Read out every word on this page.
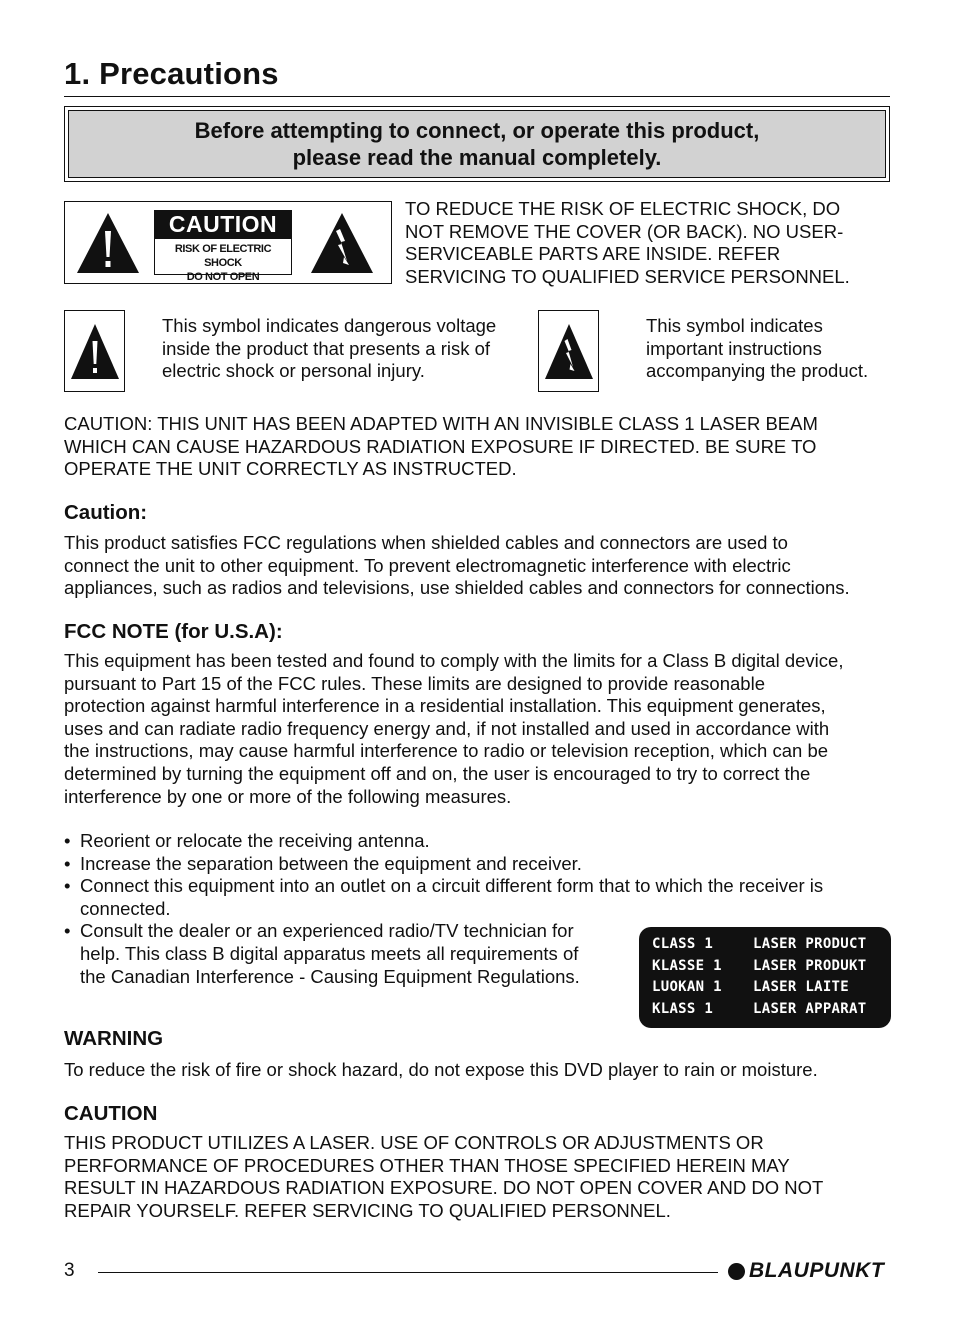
1. Precautions
Before attempting to connect, or operate this product,
please read the manual completely.
CAUTION
RISK OF ELECTRIC SHOCK
DO NOT OPEN
TO REDUCE THE RISK OF ELECTRIC SHOCK, DO
NOT REMOVE THE COVER (OR BACK). NO USER-
SERVICEABLE PARTS ARE INSIDE. REFER
SERVICING TO QUALIFIED SERVICE PERSONNEL.
This symbol indicates dangerous voltage
inside the product that presents a risk of
electric shock or personal injury.
This symbol indicates
important instructions
accompanying the product.
CAUTION: THIS UNIT HAS BEEN ADAPTED WITH AN INVISIBLE CLASS 1 LASER BEAM
WHICH CAN CAUSE HAZARDOUS RADIATION EXPOSURE IF DIRECTED. BE SURE TO
OPERATE THE UNIT CORRECTLY AS INSTRUCTED.
Caution:
This product satisfies FCC regulations when shielded cables and connectors are used to
connect the unit to other equipment. To prevent electromagnetic interference with electric
appliances, such as radios and televisions, use shielded cables and connectors for connections.
FCC NOTE (for U.S.A):
This equipment has been tested and found to comply with the limits for a Class B digital device,
pursuant to Part 15 of the FCC rules. These limits are designed to provide reasonable
protection against harmful interference in a residential installation. This equipment generates,
uses and can radiate radio frequency energy and, if not installed and used in accordance with
the instructions, may cause harmful interference to radio or television reception, which can be
determined by turning the equipment off and on, the user is encouraged to try to correct the
interference by one or more of the following measures.
• Reorient or relocate the receiving antenna.
• Increase the separation between the equipment and receiver.
• Connect this equipment into an outlet on a circuit different form that to which the receiver is
connected.
• Consult the dealer or an experienced radio/TV technician for
help. This class B digital apparatus meets all requirements of
the Canadian Interference - Causing Equipment Regulations.
CLASS 1	LASER PRODUCT
KLASSE 1	LASER PRODUKT
LUOKAN 1	LASER LAITE
KLASS 1	LASER APPARAT
WARNING
To reduce the risk of fire or shock hazard, do not expose this DVD player to rain or moisture.
CAUTION
THIS PRODUCT UTILIZES A LASER. USE OF CONTROLS OR ADJUSTMENTS OR
PERFORMANCE OF PROCEDURES OTHER THAN THOSE SPECIFIED HEREIN MAY
RESULT IN HAZARDOUS RADIATION EXPOSURE. DO NOT OPEN COVER AND DO NOT
REPAIR YOURSELF. REFER SERVICING TO QUALIFIED PERSONNEL.
3	BLAUPUNKT
